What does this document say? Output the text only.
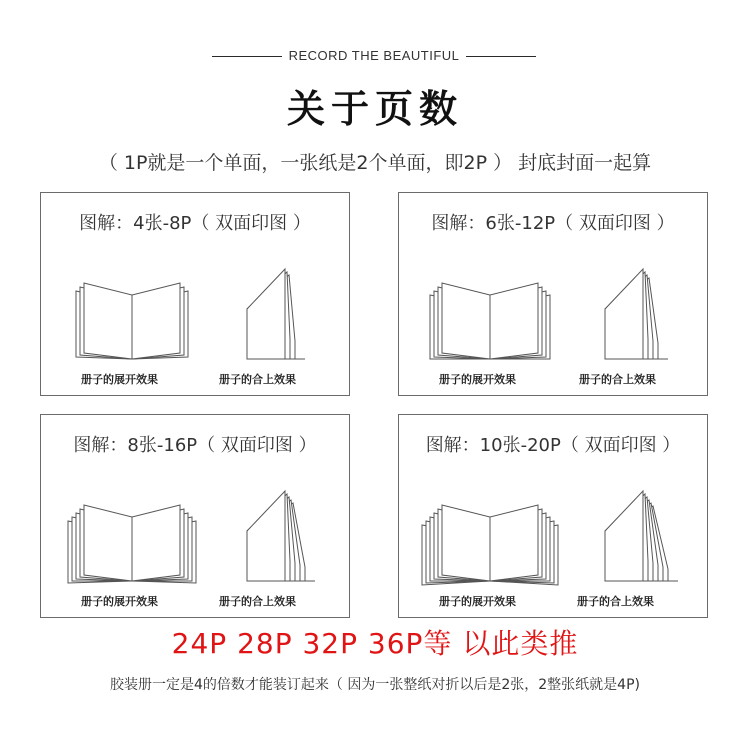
RECORD THE BEAUTIFUL
关于页数
（ 1P就是一个单面，一张纸是2个单面，即2P ） 封底封面一起算
图解：4张-8P（ 双面印图 ）
册子的展开效果	册子的合上效果
图解：6张-12P（ 双面印图 ）
册子的展开效果	册子的合上效果
图解：8张-16P（ 双面印图 ）
册子的展开效果	册子的合上效果
图解：10张-20P（ 双面印图 ）
册子的展开效果	册子的合上效果
24P 28P 32P 36P等 以此类推
胶装册一定是4的倍数才能装订起来（ 因为一张整纸对折以后是2张，2整张纸就是4P)
